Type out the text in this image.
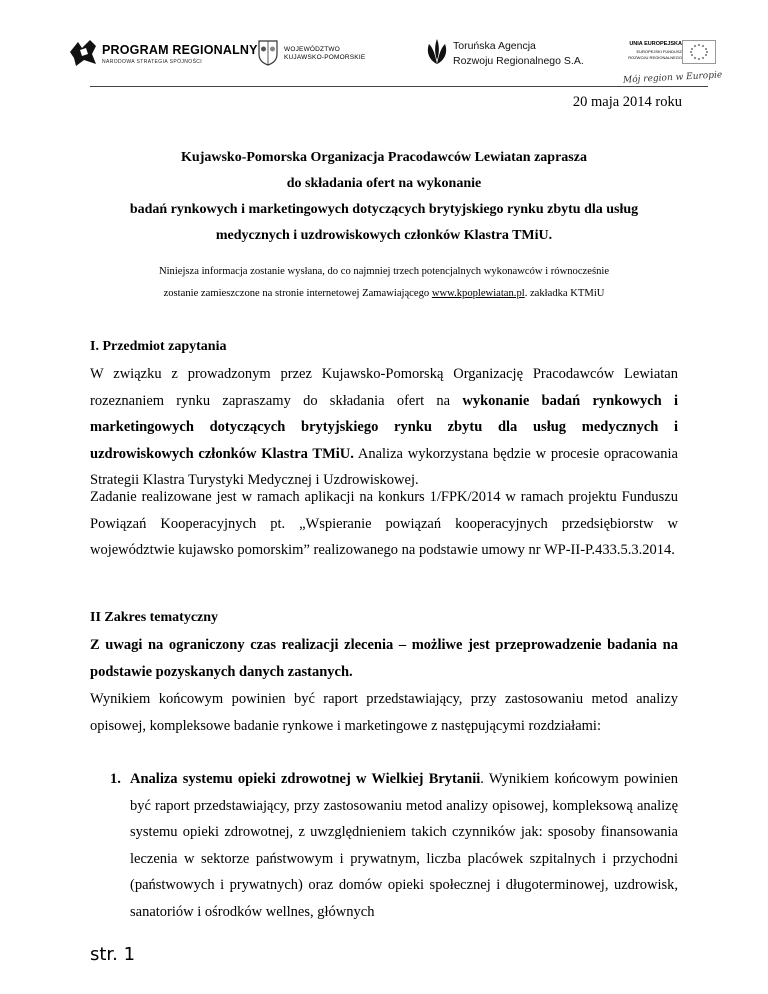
PROGRAM REGIONALNY
NARODOWA STRATEGIA SPÓJNOŚCI
WOJEWÓDZTWO
KUJAWSKO-POMORSKIE
Toruńska Agencja
Rozwoju Regionalnego S.A.
UNIA EUROPEJSKA
EUROPEJSKI FUNDUSZ
ROZWOJU REGIONALNEGO
Mój region w Europie
20 maja 2014 roku
Kujawsko-Pomorska Organizacja Pracodawców Lewiatan zaprasza
do składania ofert na wykonanie
badań rynkowych i marketingowych dotyczących brytyjskiego rynku zbytu dla usług
medycznych i uzdrowiskowych członków Klastra TMiU.
Niniejsza informacja zostanie wysłana, do co najmniej trzech potencjalnych wykonawców i równocześnie
zostanie zamieszczone na stronie internetowej Zamawiającego www.kpoplewiatan.pl. zakładka KTMiU
I. Przedmiot zapytania
W związku z prowadzonym przez Kujawsko-Pomorską Organizację Pracodawców Lewiatan rozeznaniem rynku zapraszamy do składania ofert na wykonanie badań rynkowych i marketingowych dotyczących brytyjskiego rynku zbytu dla usług medycznych i uzdrowiskowych członków Klastra TMiU. Analiza wykorzystana będzie w procesie opracowania Strategii Klastra Turystyki Medycznej i Uzdrowiskowej.
Zadanie realizowane jest w ramach aplikacji na konkurs 1/FPK/2014 w ramach projektu Funduszu Powiązań Kooperacyjnych pt. „Wspieranie powiązań kooperacyjnych przedsiębiorstw w województwie kujawsko pomorskim” realizowanego na podstawie umowy nr WP-II-P.433.5.3.2014.
II Zakres tematyczny
Z uwagi na ograniczony czas realizacji zlecenia – możliwe jest przeprowadzenie badania na podstawie pozyskanych danych zastanych.
Wynikiem końcowym powinien być raport przedstawiający, przy zastosowaniu metod analizy opisowej, kompleksowe badanie rynkowe i marketingowe z następującymi rozdziałami:
1. Analiza systemu opieki zdrowotnej w Wielkiej Brytanii. Wynikiem końcowym powinien być raport przedstawiający, przy zastosowaniu metod analizy opisowej, kompleksową analizę systemu opieki zdrowotnej, z uwzględnieniem takich czynników jak: sposoby finansowania leczenia w sektorze państwowym i prywatnym, liczba placówek szpitalnych i przychodni (państwowych i prywatnych) oraz domów opieki społecznej i długoterminowej, uzdrowisk, sanatoriów i ośrodków wellnes, głównych
str. 1
